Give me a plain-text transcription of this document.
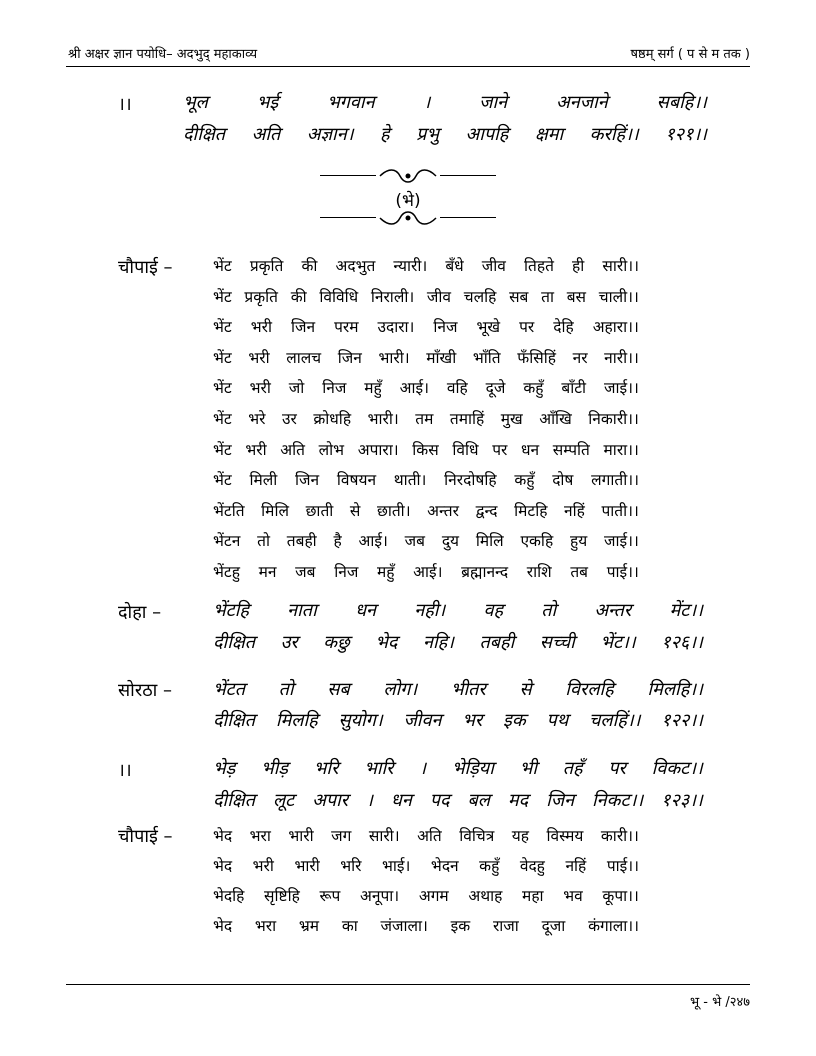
श्री अक्षर ज्ञान पयोधि– अदभुद् महाकाव्य	षष्ठम् सर्ग ( प से म तक )
।।	भूल	भई	भगवान	।	जाने	अनजाने	सबहि।।
दीक्षित अति अज्ञान। हे प्रभु आपहि क्षमा करहिं।। १२१।।
(भे)
चौपाई –	भेंट प्रकृति की अदभुत न्यारी। बँधे जीव तिहते ही सारी।।
भेंट प्रकृति की विविधि निराली। जीव चलहि सब ता बस चाली।।
भेंट भरी जिन परम उदारा। निज भूखे पर देहि अहारा।।
भेंट भरी लालच जिन भारी। माँखी भाँति फँसिहिं नर नारी।।
भेंट भरी जो निज महुँ आई। वहि दूजे कहुँ बाँटी जाई।।
भेंट भरे उर क्रोधहि भारी। तम तमाहिं मुख आँखि निकारी।।
भेंट भरी अति लोभ अपारा। किस विधि पर धन सम्पति मारा।।
भेंट मिली जिन विषयन थाती। निरदोषहि कहुँ दोष लगाती।।
भेंटति मिलि छाती से छाती। अन्तर द्वन्द मिटहि नहिं पाती।।
भेंटन तो तबही है आई। जब दुय मिलि एकहि हुय जाई।।
भेंटहु मन जब निज महुँ आई। ब्रह्मानन्द राशि तब पाई।।
दोहा –	भेंटहि नाता धन नही। वह तो अन्तर मेंट।।
दीक्षित उर कछु भेद नहि। तबही सच्ची भेंट।। १२६।।
सोरठा – भेंटत तो सब लोग। भीतर से विरलहि मिलहि।।
दीक्षित मिलहि सुयोग। जीवन भर इक पथ चलहिं।। १२२।।
।।	भेड़ भीड़ भरि भारि । भेड़िया भी तहँ पर विकट।।
दीक्षित लूट अपार । धन पद बल मद जिन निकट।। १२३।।
चौपाई –	भेद भरा भारी जग सारी। अति विचित्र यह विस्मय कारी।।
भेद भरी भारी भरि भाई। भेदन कहुँ वेदहु नहिं पाई।।
भेदहि सृष्टिहि रूप अनूपा। अगम अथाह महा भव कूपा।।
भेद भरा भ्रम का जंजाला। इक राजा दूजा कंगाला।।
भू - भे /२४७
